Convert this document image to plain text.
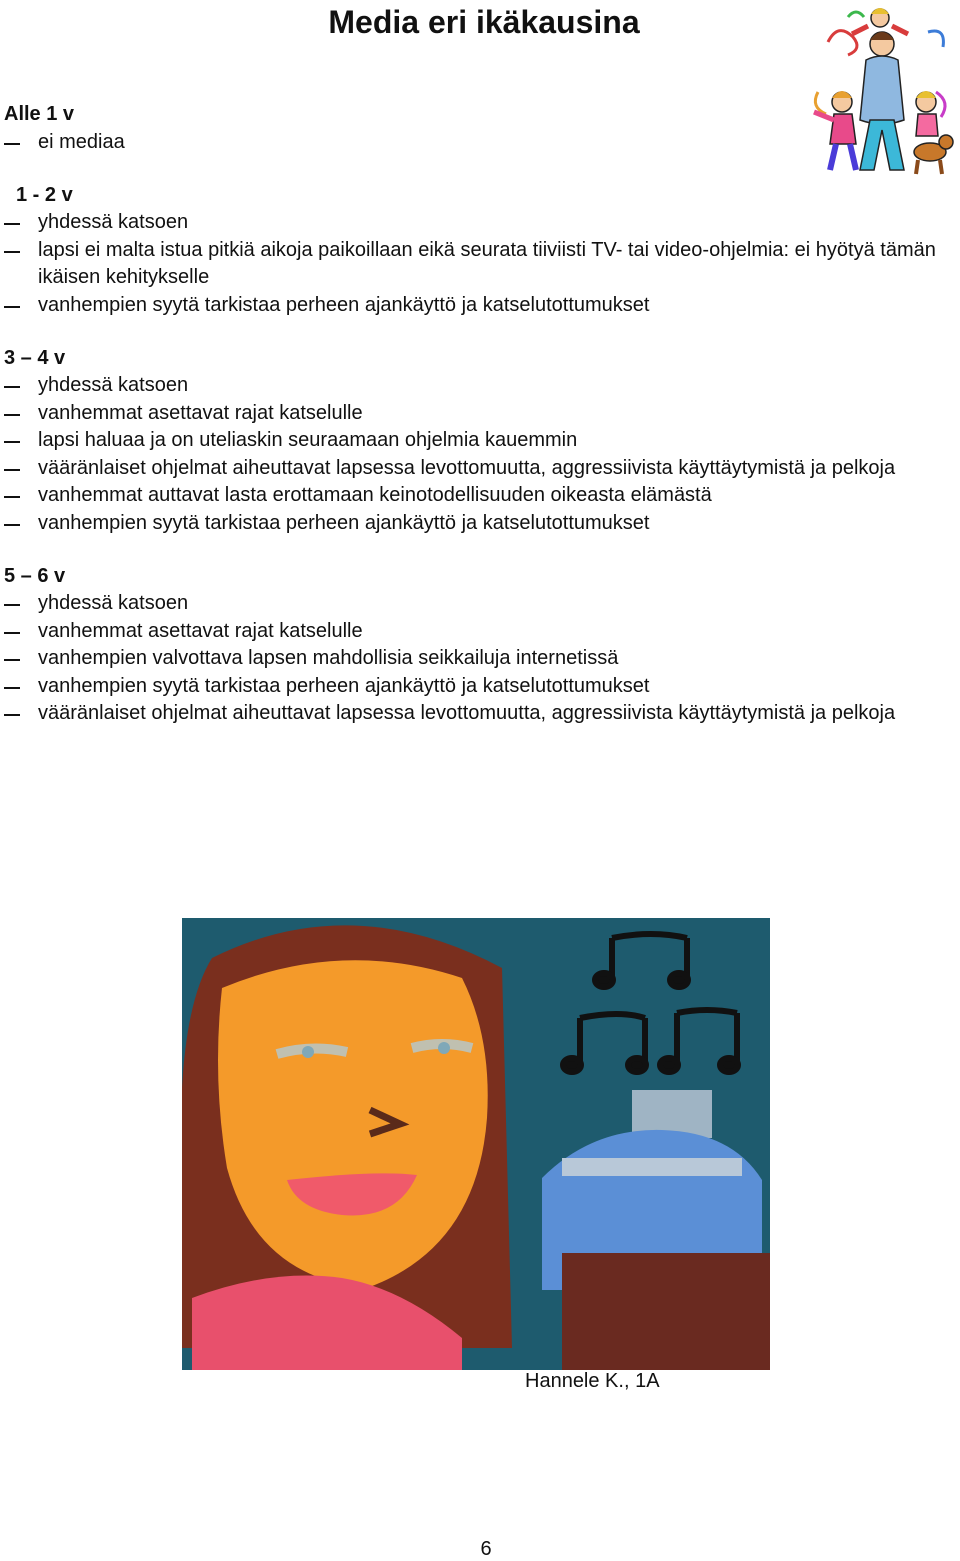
Media eri ikäkausina
Alle 1 v
ei mediaa
1 - 2 v
yhdessä katsoen
lapsi ei malta istua pitkiä aikoja paikoillaan eikä seurata tiiviisti TV- tai video-ohjelmia: ei hyötyä tämän ikäisen kehitykselle
vanhempien syytä tarkistaa perheen ajankäyttö ja katselutottumukset
3 – 4 v
yhdessä katsoen
vanhemmat asettavat rajat katselulle
lapsi haluaa ja on uteliaskin seuraamaan ohjelmia kauemmin
vääränlaiset ohjelmat aiheuttavat lapsessa levottomuutta, aggressiivista käyttäytymistä ja pelkoja
vanhemmat auttavat lasta erottamaan keinotodellisuuden oikeasta elämästä
vanhempien syytä tarkistaa perheen ajankäyttö ja katselutottumukset
5 – 6 v
yhdessä katsoen
vanhemmat asettavat rajat katselulle
vanhempien valvottava lapsen mahdollisia seikkailuja internetissä
vanhempien syytä tarkistaa perheen ajankäyttö ja katselutottumukset
vääränlaiset ohjelmat aiheuttavat lapsessa levottomuutta, aggressiivista käyttäytymistä ja pelkoja
Hannele K., 1A
6
